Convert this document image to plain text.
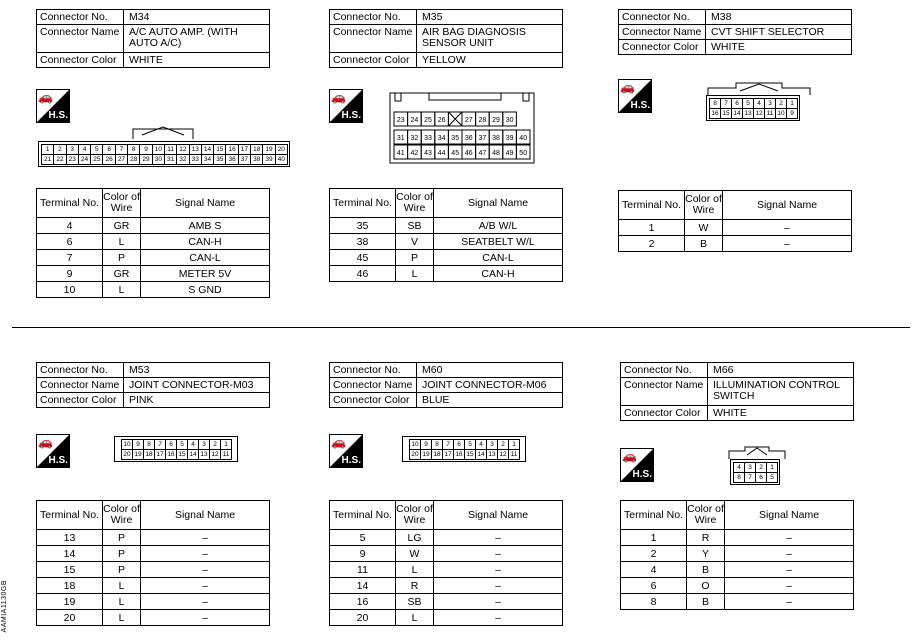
Connector No.	M34
Connector Name	A/C AUTO AMP. (WITH AUTO A/C)
Connector Color	WHITE
🚗
H.S.
1	2	3	4	5	6	7	8	9	10 11 12 13 14 15 16 17 18 19 20
21 22 23 24 25 26 27 28 29 30 31 32 33 34 35 36 37 38 39 40
Terminal No.	Color of Wire	Signal Name
4	GR	AMB S
6	L	CAN-H
7	P	CAN-L
9	GR	METER 5V
10	L	S GND
Connector No.	M35
Connector Name	AIR BAG DIAGNOSIS SENSOR UNIT
Connector Color	YELLOW
🚗
H.S.	23 24 25 26	27 28 29 30
31 32 33 34 35 36 37 38 39 40
41 42 43 44 45 46 47 48 49 50
Terminal No.	Color of Wire	Signal Name
35	SB	A/B W/L
38	V	SEATBELT W/L
45	P	CAN-L
46	L	CAN-H
Connector No.	M38
Connector Name	CVT SHIFT SELECTOR
Connector Color	WHITE
🚗
H.S.	8	7	6	5	4	3	2	1
16 15 14 13 12 11 10 9
Terminal No.	Color of Wire	Signal Name
1	W	–
2	B	–
Connector No.	M53
Connector Name	JOINT CONNECTOR-M03
Connector Color	PINK
🚗
H.S.
10 9	8	7	6	5	4	3	2	1
20 19 18 17 16 15 14 13 12 11
Terminal No.	Color of Wire	Signal Name
13	P	–
14	P	–
15	P	–
18	L	–
19	L	–
20	L	–
Connector No.	M60
Connector Name	JOINT CONNECTOR-M06
Connector Color	BLUE
🚗
H.S.
10 9	8	7	6	5	4	3	2	1
20 19 18 17 16 15 14 13 12 11
Terminal No.	Color of Wire	Signal Name
5	LG	–
9	W	–
11	L	–
14	R	–
16	SB	–
20	L	–
Connector No.	M66
Connector Name	ILLUMINATION CONTROL SWITCH
Connector Color	WHITE
🚗
H.S.
4	3	2	1
8	7	6	5
Terminal No.	Color of Wire	Signal Name
1	R	–
2	Y	–
4	B	–
6	O	–
8	B	–
AAMIA1130GB
